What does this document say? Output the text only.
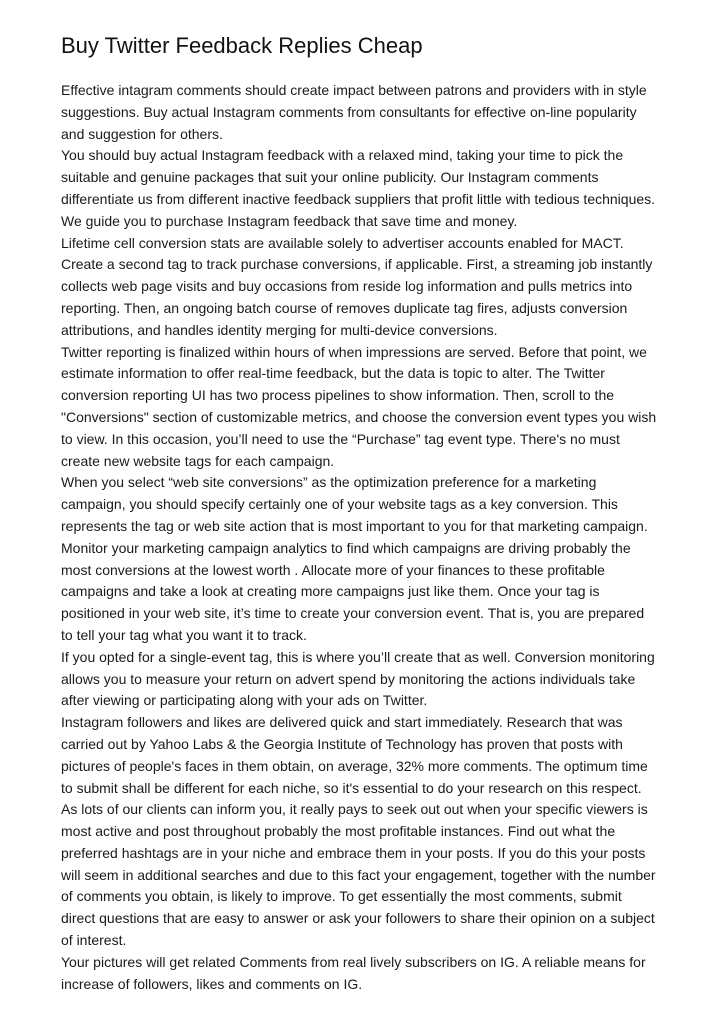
Buy Twitter Feedback Replies Cheap

Effective intagram comments should create impact between patrons and providers with in style suggestions. Buy actual Instagram comments from consultants for effective on-line popularity and suggestion for others.

You should buy actual Instagram feedback with a relaxed mind, taking your time to pick the suitable and genuine packages that suit your online publicity. Our Instagram comments differentiate us from different inactive feedback suppliers that profit little with tedious techniques. We guide you to purchase Instagram feedback that save time and money.

Lifetime cell conversion stats are available solely to advertiser accounts enabled for MACT.

Create a second tag to track purchase conversions, if applicable. First, a streaming job instantly collects web page visits and buy occasions from reside log information and pulls metrics into reporting. Then, an ongoing batch course of removes duplicate tag fires, adjusts conversion attributions, and handles identity merging for multi-device conversions.

Twitter reporting is finalized within hours of when impressions are served. Before that point, we estimate information to offer real-time feedback, but the data is topic to alter. The Twitter conversion reporting UI has two process pipelines to show information. Then, scroll to the "Conversions" section of customizable metrics, and choose the conversion event types you wish to view. In this occasion, you’ll need to use the “Purchase” tag event type. There's no must create new website tags for each campaign.

When you select “web site conversions” as the optimization preference for a marketing campaign, you should specify certainly one of your website tags as a key conversion. This represents the tag or web site action that is most important to you for that marketing campaign. Monitor your marketing campaign analytics to find which campaigns are driving probably the most conversions at the lowest worth . Allocate more of your finances to these profitable campaigns and take a look at creating more campaigns just like them. Once your tag is positioned in your web site, it’s time to create your conversion event. That is, you are prepared to tell your tag what you want it to track.

If you opted for a single-event tag, this is where you’ll create that as well. Conversion monitoring allows you to measure your return on advert spend by monitoring the actions individuals take after viewing or participating along with your ads on Twitter.

Instagram followers and likes are delivered quick and start immediately. Research that was carried out by Yahoo Labs & the Georgia Institute of Technology has proven that posts with pictures of people's faces in them obtain, on average, 32% more comments. The optimum time to submit shall be different for each niche, so it's essential to do your research on this respect. As lots of our clients can inform you, it really pays to seek out out when your specific viewers is most active and post throughout probably the most profitable instances. Find out what the preferred hashtags are in your niche and embrace them in your posts. If you do this your posts will seem in additional searches and due to this fact your engagement, together with the number of comments you obtain, is likely to improve. To get essentially the most comments, submit direct questions that are easy to answer or ask your followers to share their opinion on a subject of interest.

Your pictures will get related Comments from real lively subscribers on IG. A reliable means for increase of followers, likes and comments on IG.
